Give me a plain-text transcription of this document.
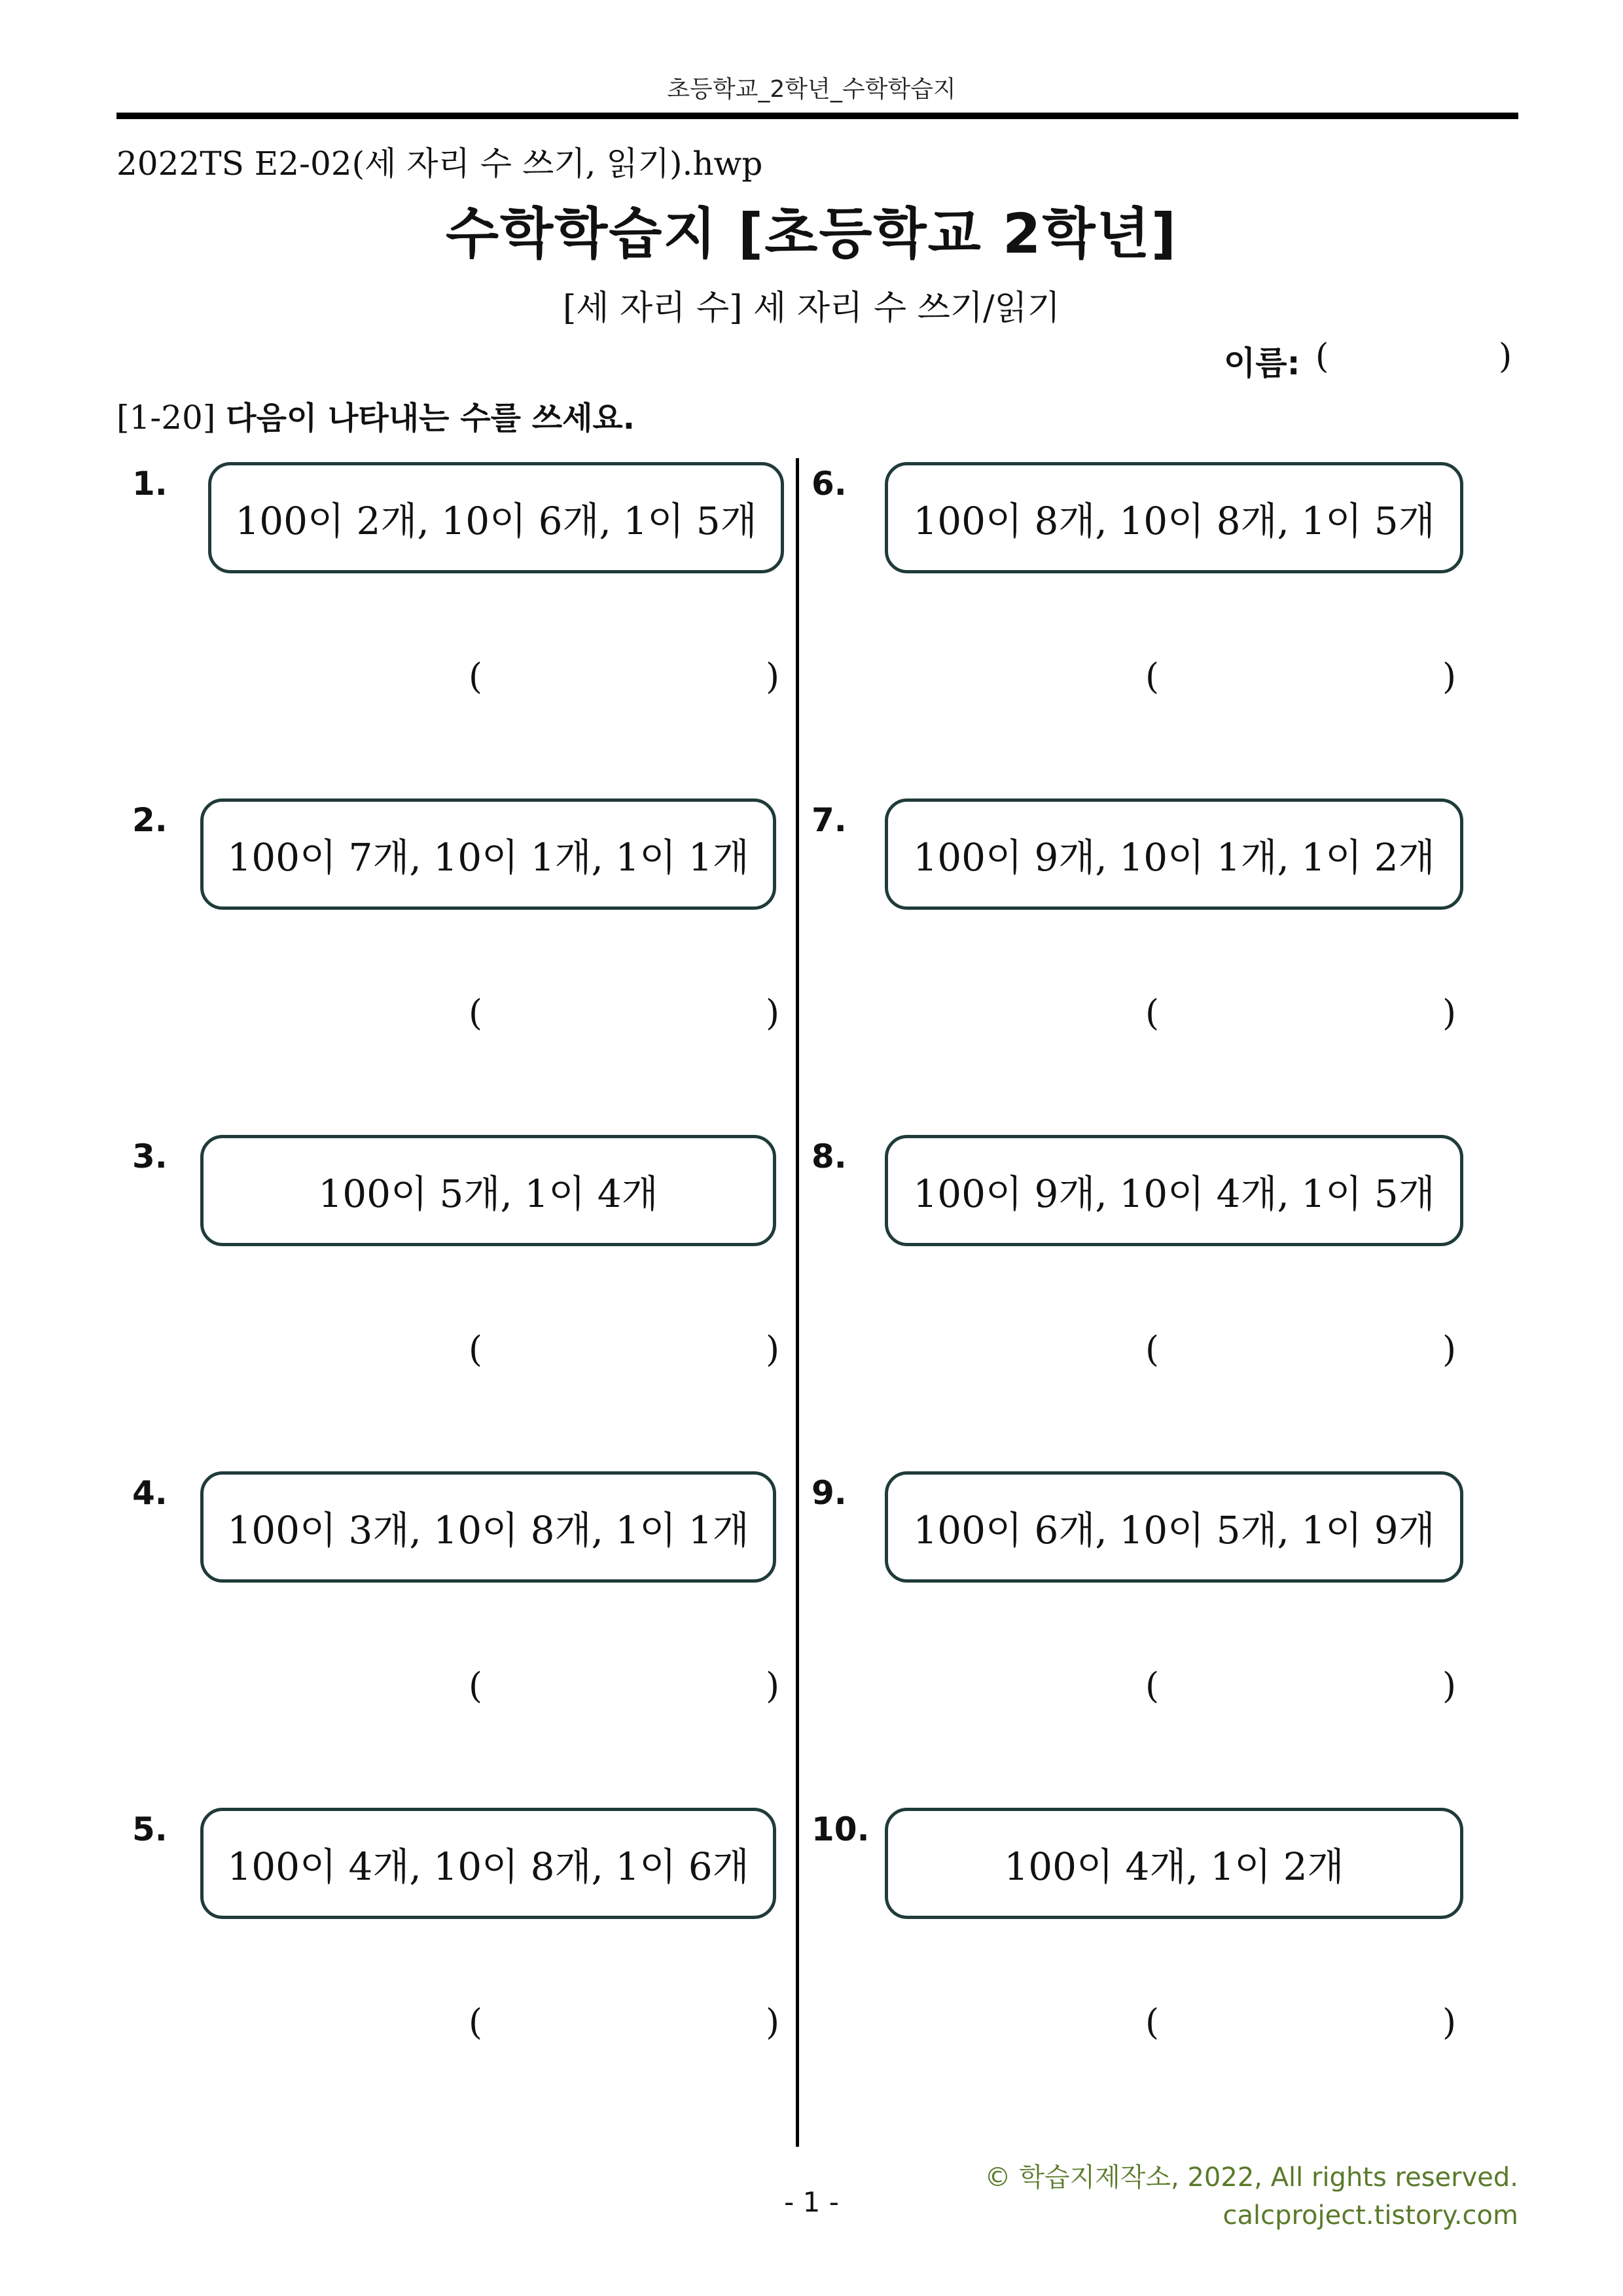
초등학교_2학년_수학학습지
2022TS E2-02(세 자리 수 쓰기, 읽기).hwp
수학학습지 [초등학교 2학년]
[세 자리 수] 세 자리 수 쓰기/읽기
이름: (	)
[1-20] 다음이 나타내는 수를 쓰세요.
1.
100이 2개, 10이 6개, 1이 5개
(	)
2.
100이 7개, 10이 1개, 1이 1개
(	)
3.
100이 5개, 1이 4개
(	)
4.
100이 3개, 10이 8개, 1이 1개
(	)
5.
100이 4개, 10이 8개, 1이 6개
(	)
6.
100이 8개, 10이 8개, 1이 5개
(	)
7.
100이 9개, 10이 1개, 1이 2개
(	)
8.
100이 9개, 10이 4개, 1이 5개
(	)
9.
100이 6개, 10이 5개, 1이 9개
(	)
10.
100이 4개, 1이 2개
(	)
© 학습지제작소, 2022, All rights reserved.
calcproject.tistory.com
- 1 -
